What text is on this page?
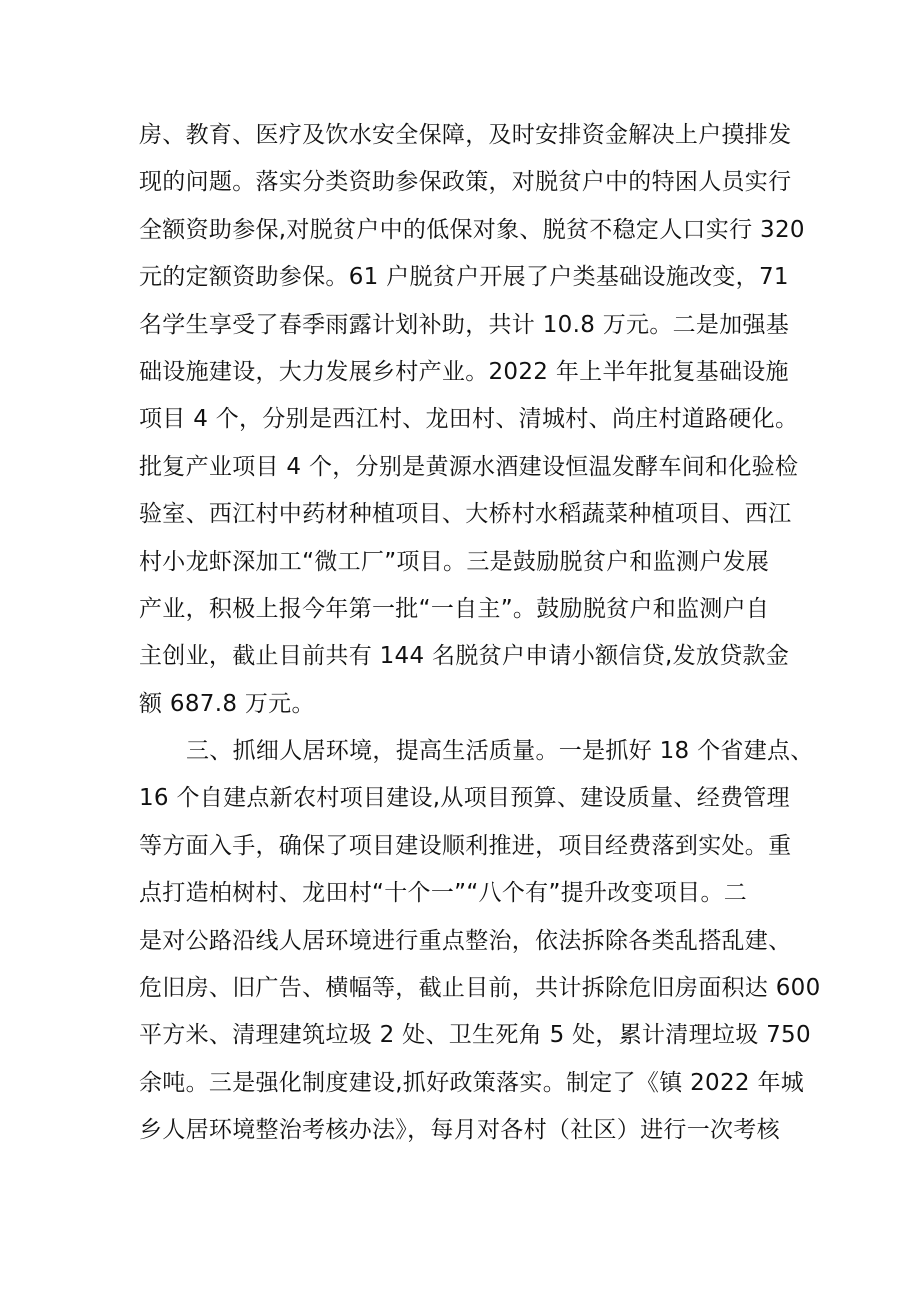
房、教育、医疗及饮水安全保障，及时安排资金解决上户摸排发
现的问题。落实分类资助参保政策，对脱贫户中的特困人员实行
全额资助参保,对脱贫户中的低保对象、脱贫不稳定人口实行 320
元的定额资助参保。61 户脱贫户开展了户类基础设施改变，71
名学生享受了春季雨露计划补助，共计 10.8 万元。二是加强基
础设施建设，大力发展乡村产业。2022 年上半年批复基础设施
项目 4 个，分别是西江村、龙田村、清城村、尚庄村道路硬化。
批复产业项目 4 个，分别是黄源水酒建设恒温发酵车间和化验检
验室、西江村中药材种植项目、大桥村水稻蔬菜种植项目、西江
村小龙虾深加工“微工厂”项目。三是鼓励脱贫户和监测户发展
产业，积极上报今年第一批“一自主”。鼓励脱贫户和监测户自
主创业，截止目前共有 144 名脱贫户申请小额信贷,发放贷款金
额 687.8 万元。
三、抓细人居环境，提高生活质量。一是抓好 18 个省建点、
16 个自建点新农村项目建设,从项目预算、建设质量、经费管理
等方面入手，确保了项目建设顺利推进，项目经费落到实处。重
点打造柏树村、龙田村“十个一”“八个有”提升改变项目。二
是对公路沿线人居环境进行重点整治，依法拆除各类乱搭乱建、
危旧房、旧广告、横幅等，截止目前，共计拆除危旧房面积达 600
平方米、清理建筑垃圾 2 处、卫生死角 5 处，累计清理垃圾 750
余吨。三是强化制度建设,抓好政策落实。制定了《镇 2022 年城
乡人居环境整治考核办法》，每月对各村（社区）进行一次考核
